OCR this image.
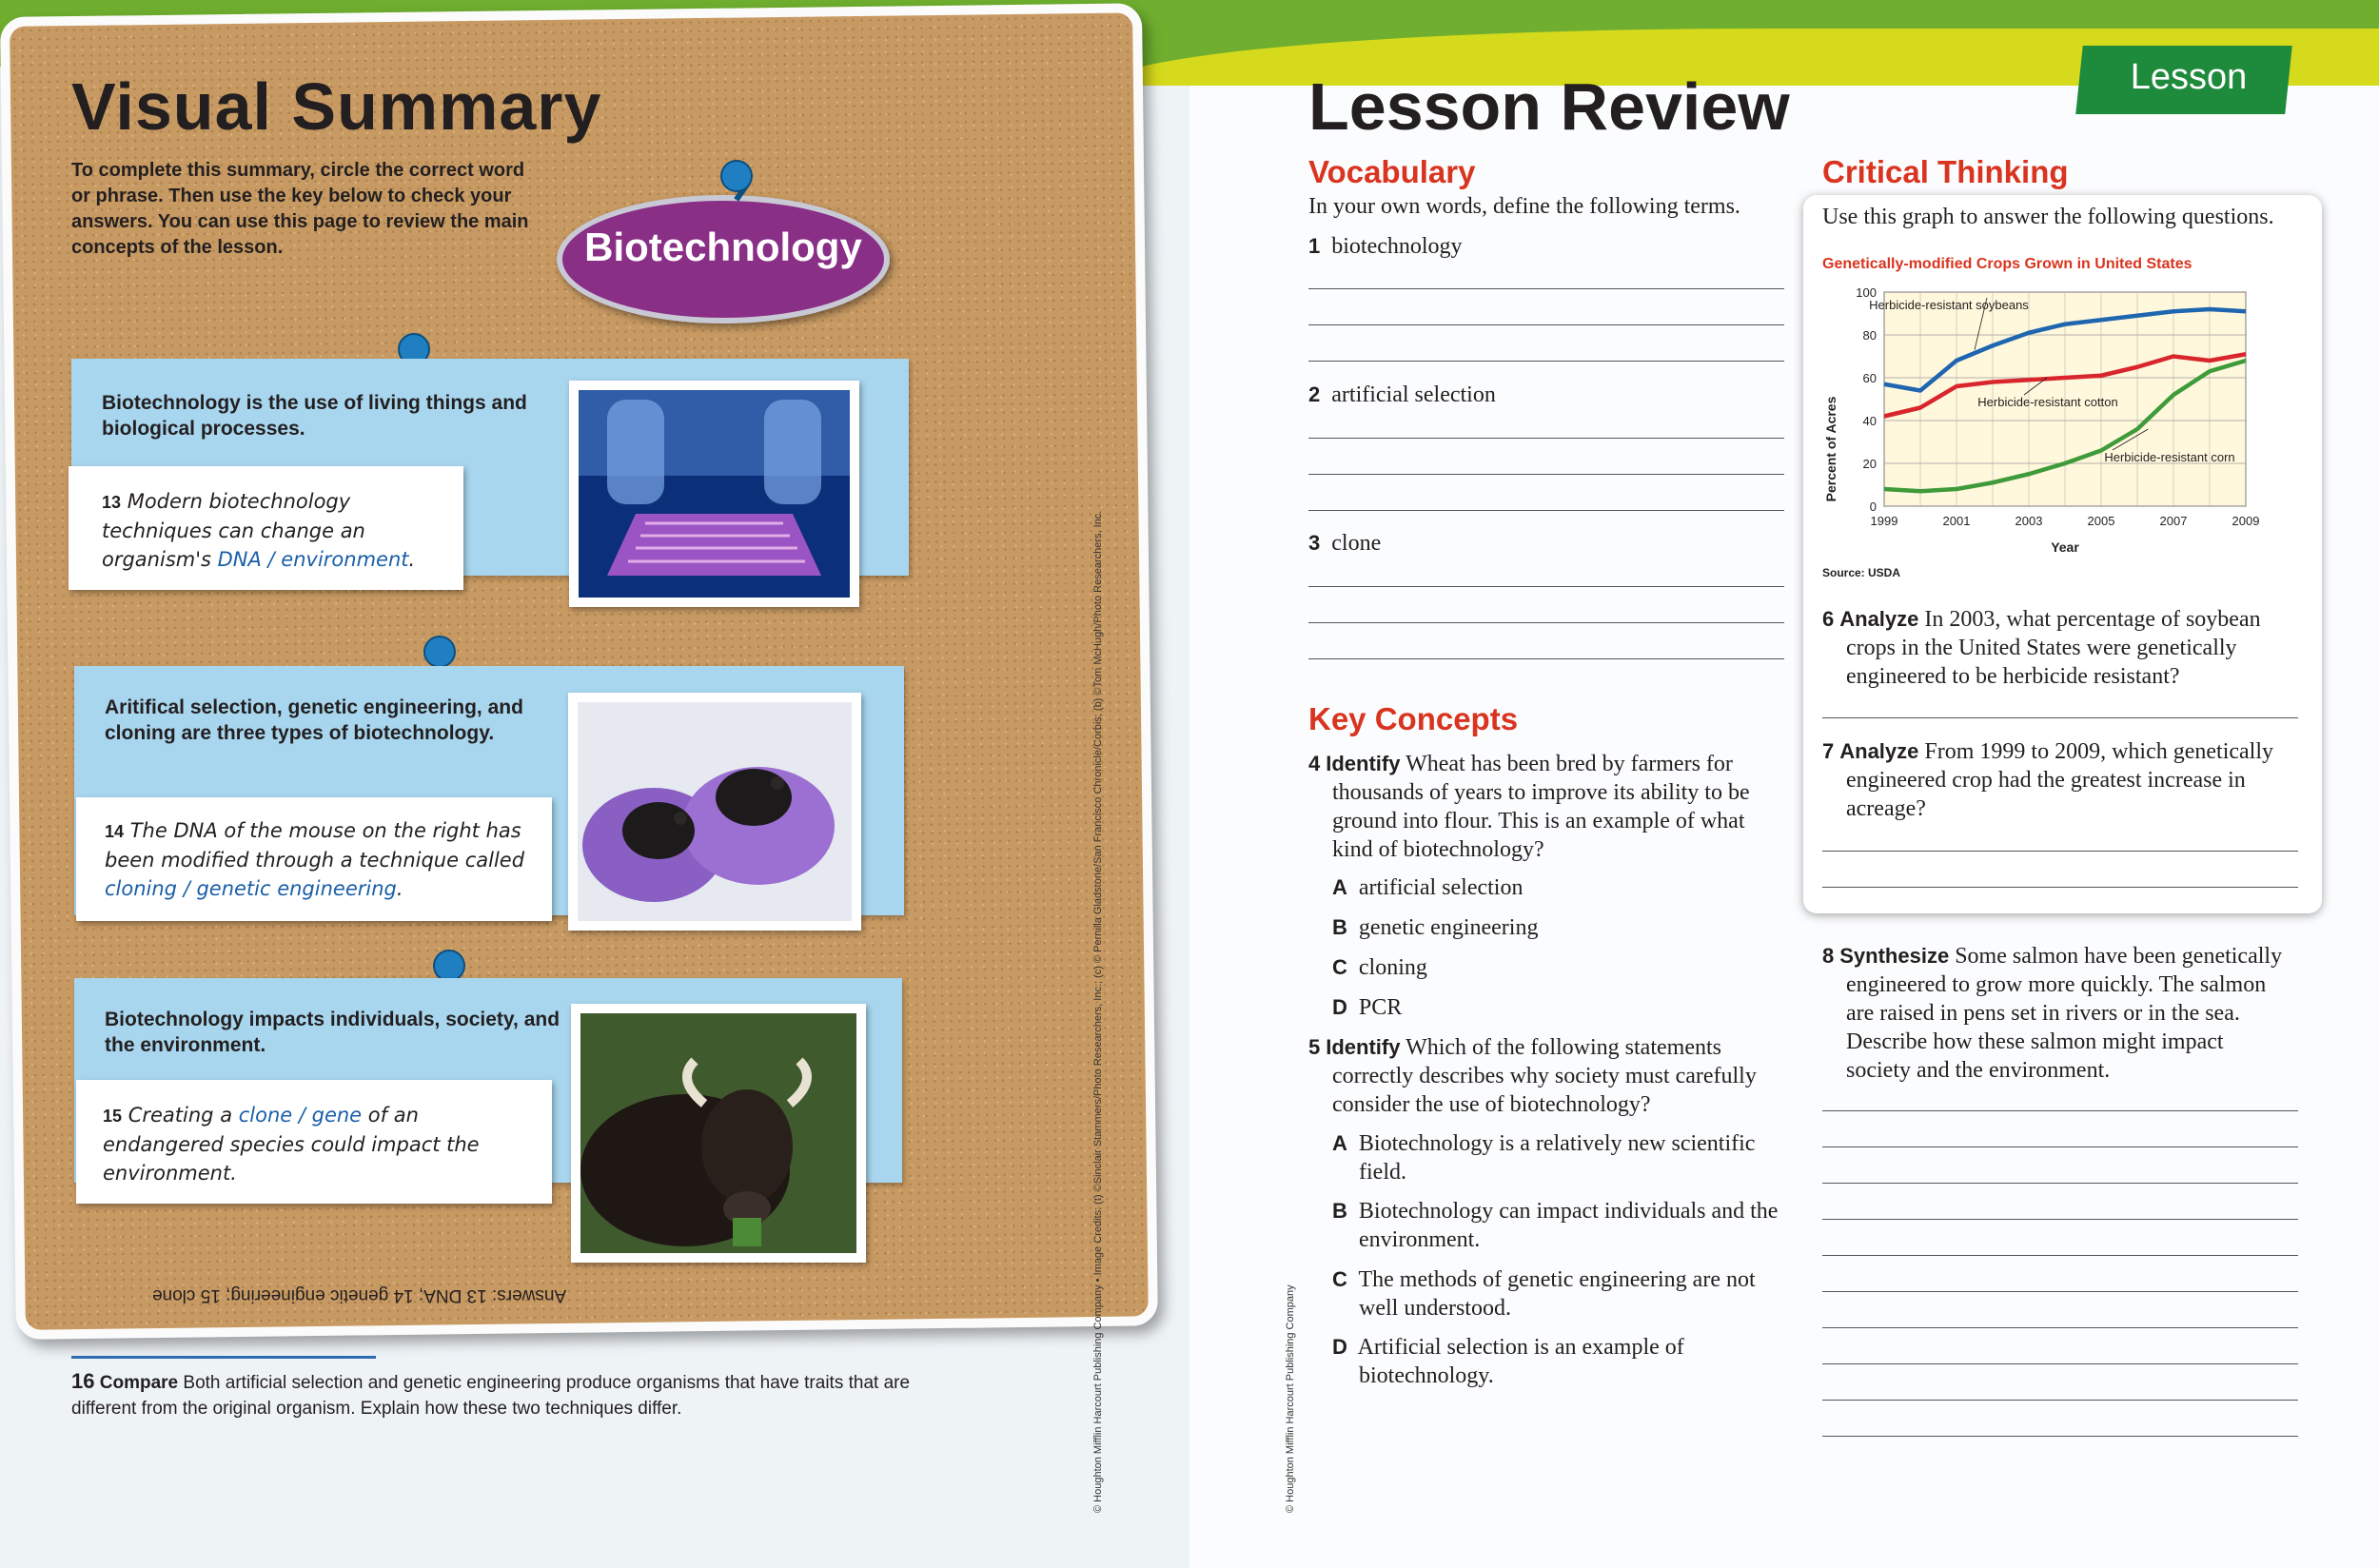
Visual Summary
To complete this summary, circle the correct word or phrase. Then use the key below to check your answers. You can use this page to review the main concepts of the lesson.	Biotechnology
Biotechnology is the use of living things and biological processes.
13 Modern biotechnology techniques can change an organism's DNA / environment.
Aritifical selection, genetic engineering, and cloning are three types of biotechnology.
14 The DNA of the mouse on the right has been modified through a technique called cloning / genetic engineering.
Biotechnology impacts individuals, society, and the environment.
15 Creating a clone / gene of an endangered species could impact the environment.
Answers: 13 DNA; 14 genetic engineering; 15 clone
16 Compare Both artificial selection and genetic engineering produce organisms that have traits that are different from the original organism. Explain how these two techniques differ.	© Houghton Mifflin Harcourt Publishing Company • Image Credits: (t) ©Sinclair Stammers/Photo Researchers, Inc.; (c) © Pernilla Gladstone/San Francisco Chronicle/Corbis; (b) ©Tom McHugh/Photo Researchers, Inc.
Lesson
Lesson Review
© Houghton Mifflin Harcourt Publishing Company
Vocabulary
In your own words, define the following terms.
1 biotechnology
2 artificial selection
3 clone
Key Concepts
4 Identify Wheat has been bred by farmers for thousands of years to improve its ability to be ground into flour. This is an example of what kind of biotechnology?
A artificial selection
B genetic engineering
C cloning
D PCR
5 Identify Which of the following statements correctly describes why society must carefully consider the use of biotechnology?
A Biotechnology is a relatively new scientific field.
B Biotechnology can impact individuals and the environment.
C The methods of genetic engineering are not well understood.
D Artificial selection is an example of biotechnology.
Critical Thinking
Use this graph to answer the following questions.
Genetically-modified Crops Grown in United States
Percent of Acres
Year
Source: USDA
0
20
40
60
80
100
1999	2001	2003	2005	2007	2009
Herbicide-resistant soybeans
Herbicide-resistant cotton
Herbicide-resistant corn
6 Analyze In 2003, what percentage of soybean crops in the United States were genetically engineered to be herbicide resistant?
7 Analyze From 1999 to 2009, which genetically engineered crop had the greatest increase in acreage?
8 Synthesize Some salmon have been genetically engineered to grow more quickly. The salmon are raised in pens set in rivers or in the sea. Describe how these salmon might impact society and the environment.
